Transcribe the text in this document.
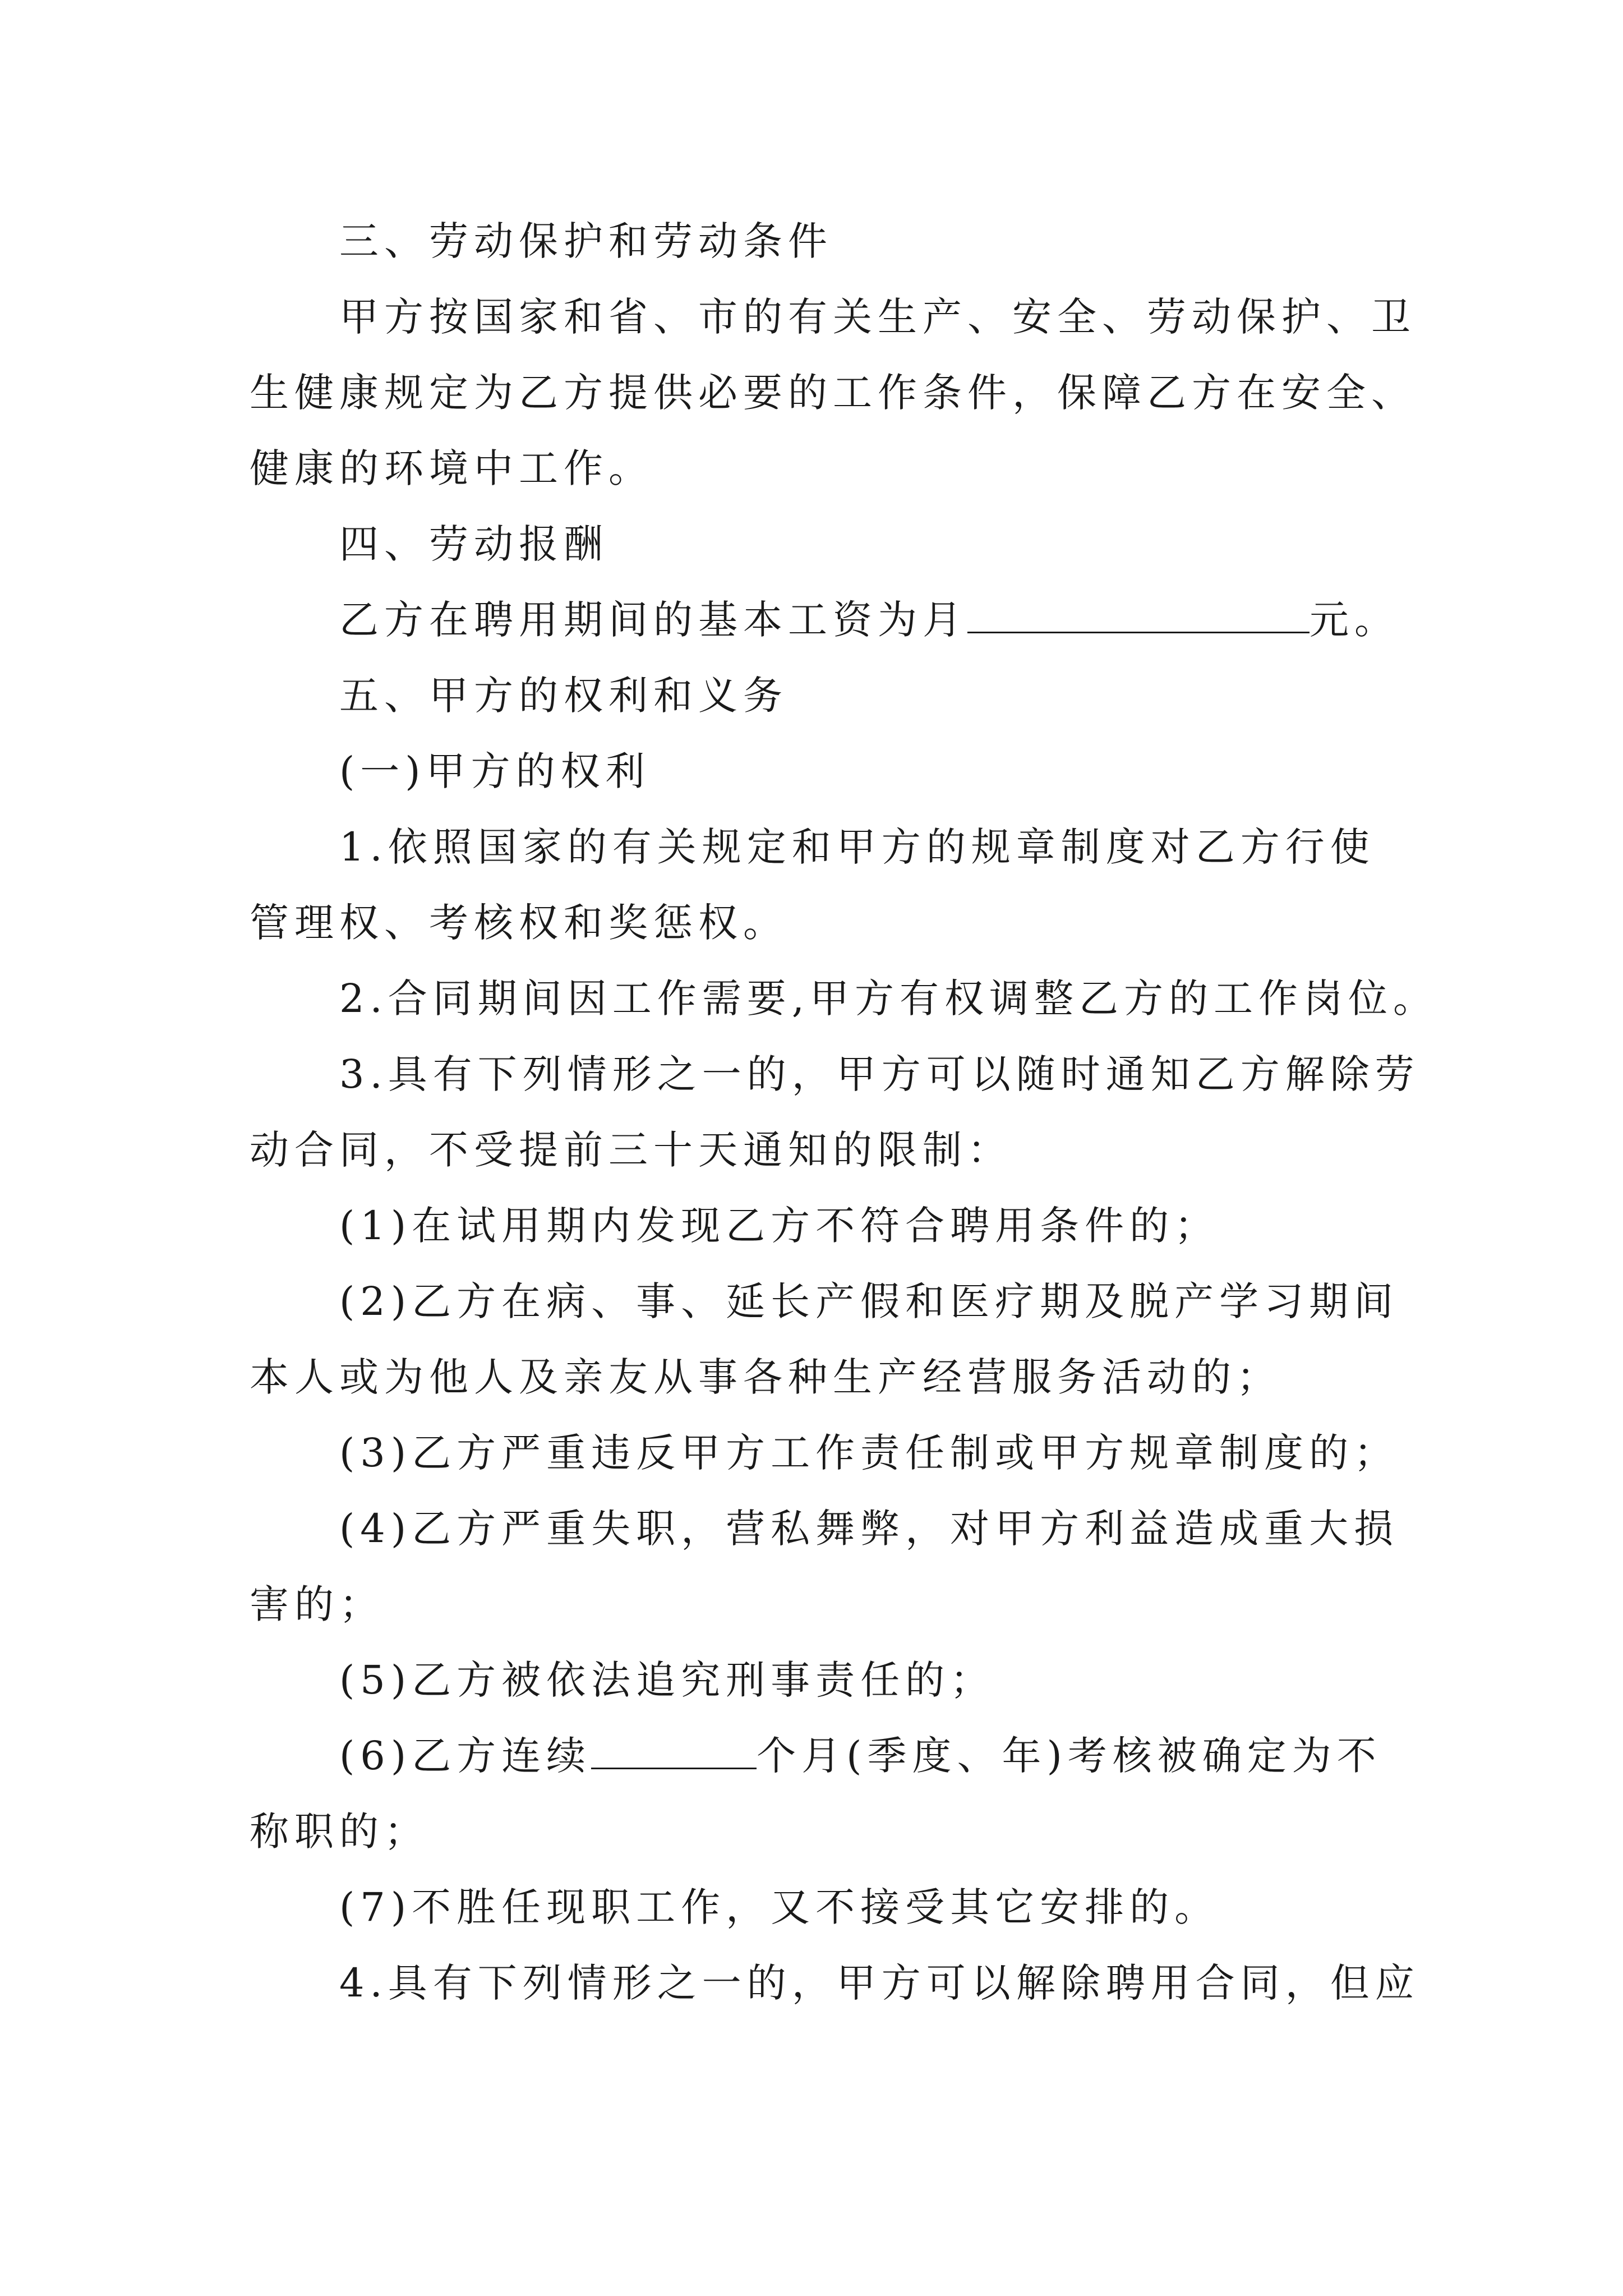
三、劳动保护和劳动条件
甲方按国家和省、市的有关生产、安全、劳动保护、卫
生健康规定为乙方提供必要的工作条件，保障乙方在安全、
健康的环境中工作。
四、劳动报酬
乙方在聘用期间的基本工资为月	元。
五、甲方的权利和义务
(一)甲方的权利
1.依照国家的有关规定和甲方的规章制度对乙方行使
管理权、考核权和奖惩权。
2.合同期间因工作需要,甲方有权调整乙方的工作岗位。
3.具有下列情形之一的，甲方可以随时通知乙方解除劳
动合同，不受提前三十天通知的限制：
(1)在试用期内发现乙方不符合聘用条件的；
(2)乙方在病、事、延长产假和医疗期及脱产学习期间
本人或为他人及亲友从事各种生产经营服务活动的；
(3)乙方严重违反甲方工作责任制或甲方规章制度的；
(4)乙方严重失职，营私舞弊，对甲方利益造成重大损
害的；
(5)乙方被依法追究刑事责任的；
(6)乙方连续	个月(季度、年)考核被确定为不
称职的；
(7)不胜任现职工作，又不接受其它安排的。
4.具有下列情形之一的，甲方可以解除聘用合同，但应
